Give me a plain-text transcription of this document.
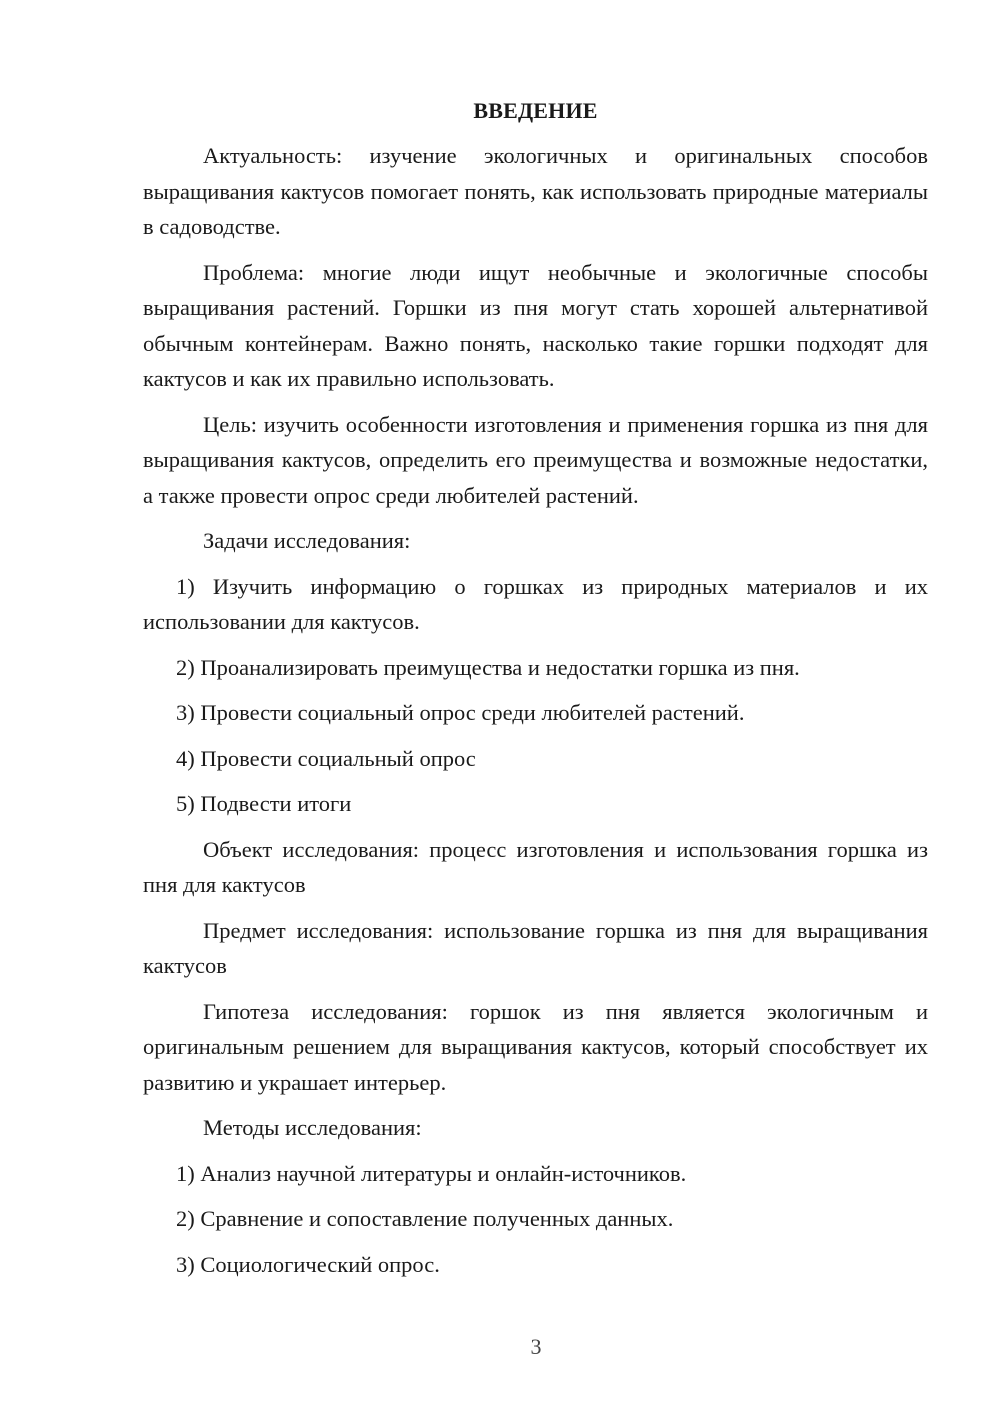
ВВЕДЕНИЕ

Актуальность: изучение экологичных и оригинальных способов выращивания кактусов помогает понять, как использовать природные материалы в садоводстве.

Проблема: многие люди ищут необычные и экологичные способы выращивания растений. Горшки из пня могут стать хорошей альтернативой обычным контейнерам. Важно понять, насколько такие горшки подходят для кактусов и как их правильно использовать.

Цель: изучить особенности изготовления и применения горшка из пня для выращивания кактусов, определить его преимущества и возможные недостатки, а также провести опрос среди любителей растений.

Задачи исследования:

1) Изучить информацию о горшках из природных материалов и их использовании для кактусов.

2) Проанализировать преимущества и недостатки горшка из пня.

3) Провести социальный опрос среди любителей растений.

4) Провести социальный опрос

5) Подвести итоги

Объект исследования: процесс изготовления и использования горшка из пня для кактусов

Предмет исследования: использование горшка из пня для выращивания кактусов

Гипотеза исследования: горшок из пня является экологичным и оригинальным решением для выращивания кактусов, который способствует их развитию и украшает интерьер.

Методы исследования:

1) Анализ научной литературы и онлайн-источников.

2) Сравнение и сопоставление полученных данных.

3) Социологический опрос.

3
